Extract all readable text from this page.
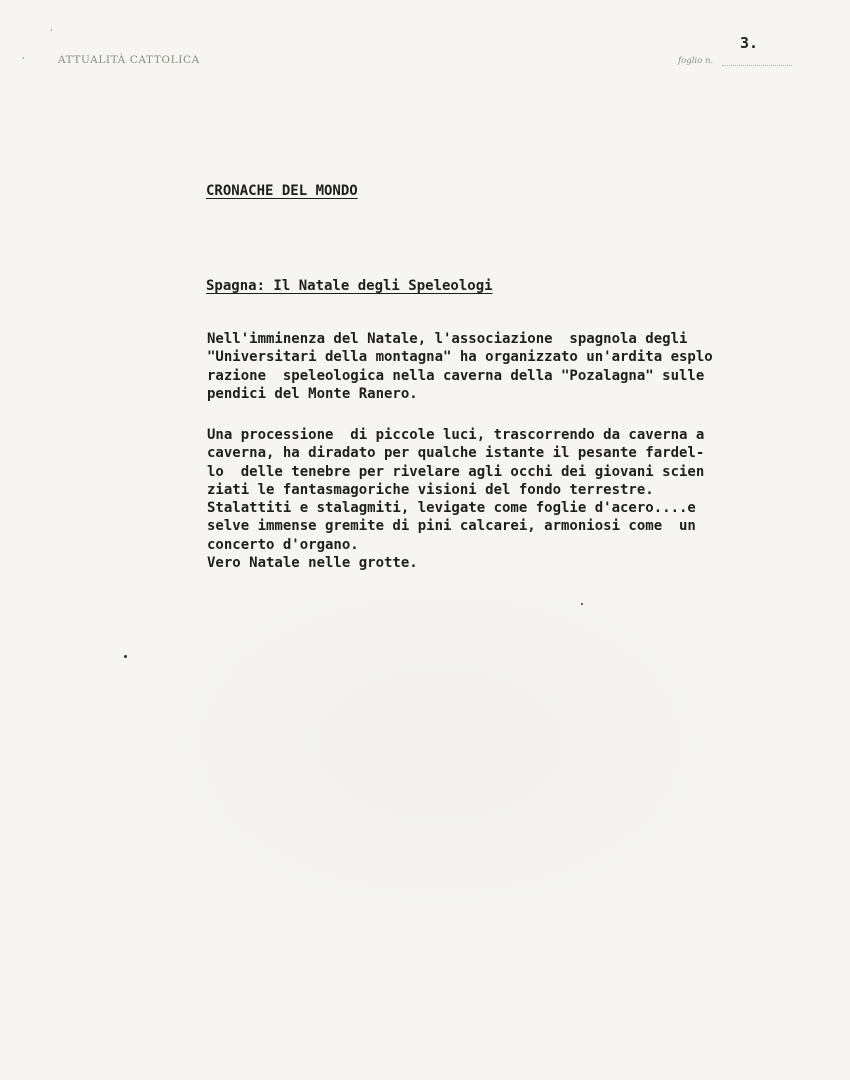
’
’	ATTUALITÀ CATTOLICA
3.
foglio n.
CRONACHE DEL MONDO
Spagna: Il Natale degli Speleologi
Nell'imminenza del Natale, l'associazione  spagnola degli
"Universitari della montagna" ha organizzato un'ardita esplo
razione  speleologica nella caverna della "Pozalagna" sulle
pendici del Monte Ranero.
Una processione  di piccole luci, trascorrendo da caverna a
caverna, ha diradato per qualche istante il pesante fardel-
lo  delle tenebre per rivelare agli occhi dei giovani scien
ziati le fantasmagoriche visioni del fondo terrestre.
Stalattiti e stalagmiti, levigate come foglie d'acero....e
selve immense gremite di pini calcarei, armoniosi come  un
concerto d'organo.
Vero Natale nelle grotte.
